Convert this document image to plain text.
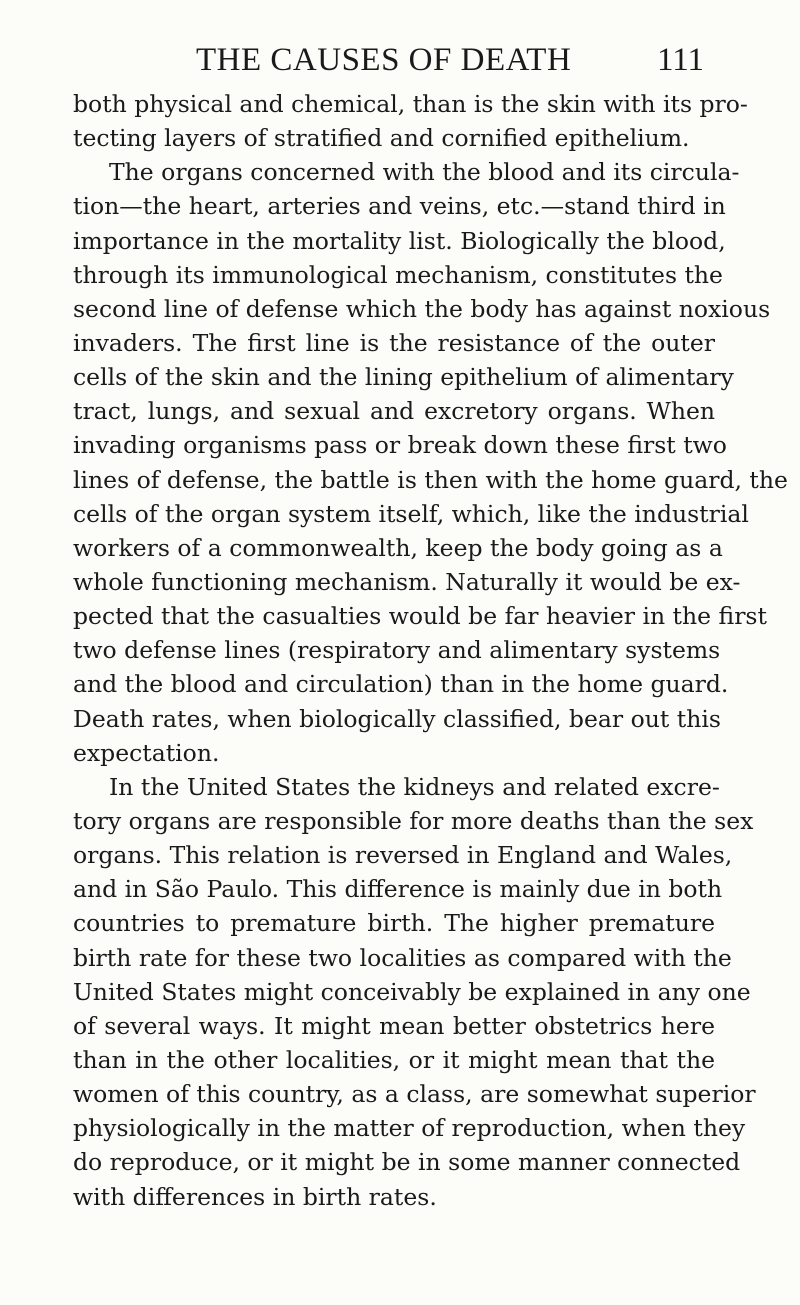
THE CAUSES OF DEATH	111
both physical and chemical, than is the skin with its pro-
tecting layers of stratified and cornified epithelium.
The organs concerned with the blood and its circula-
tion—the heart, arteries and veins, etc.—stand third in
importance in the mortality list. Biologically the blood,
through its immunological mechanism, constitutes the
second line of defense which the body has against noxious
invaders. The first line is the resistance of the outer
cells of the skin and the lining epithelium of alimentary
tract, lungs, and sexual and excretory organs. When
invading organisms pass or break down these first two
lines of defense, the battle is then with the home guard, the
cells of the organ system itself, which, like the industrial
workers of a commonwealth, keep the body going as a
whole functioning mechanism. Naturally it would be ex-
pected that the casualties would be far heavier in the first
two defense lines (respiratory and alimentary systems
and the blood and circulation) than in the home guard.
Death rates, when biologically classified, bear out this
expectation.
In the United States the kidneys and related excre-
tory organs are responsible for more deaths than the sex
organs. This relation is reversed in England and Wales,
and in São Paulo. This difference is mainly due in both
countries to premature birth. The higher premature
birth rate for these two localities as compared with the
United States might conceivably be explained in any one
of several ways. It might mean better obstetrics here
than in the other localities, or it might mean that the
women of this country, as a class, are somewhat superior
physiologically in the matter of reproduction, when they
do reproduce, or it might be in some manner connected
with differences in birth rates.
